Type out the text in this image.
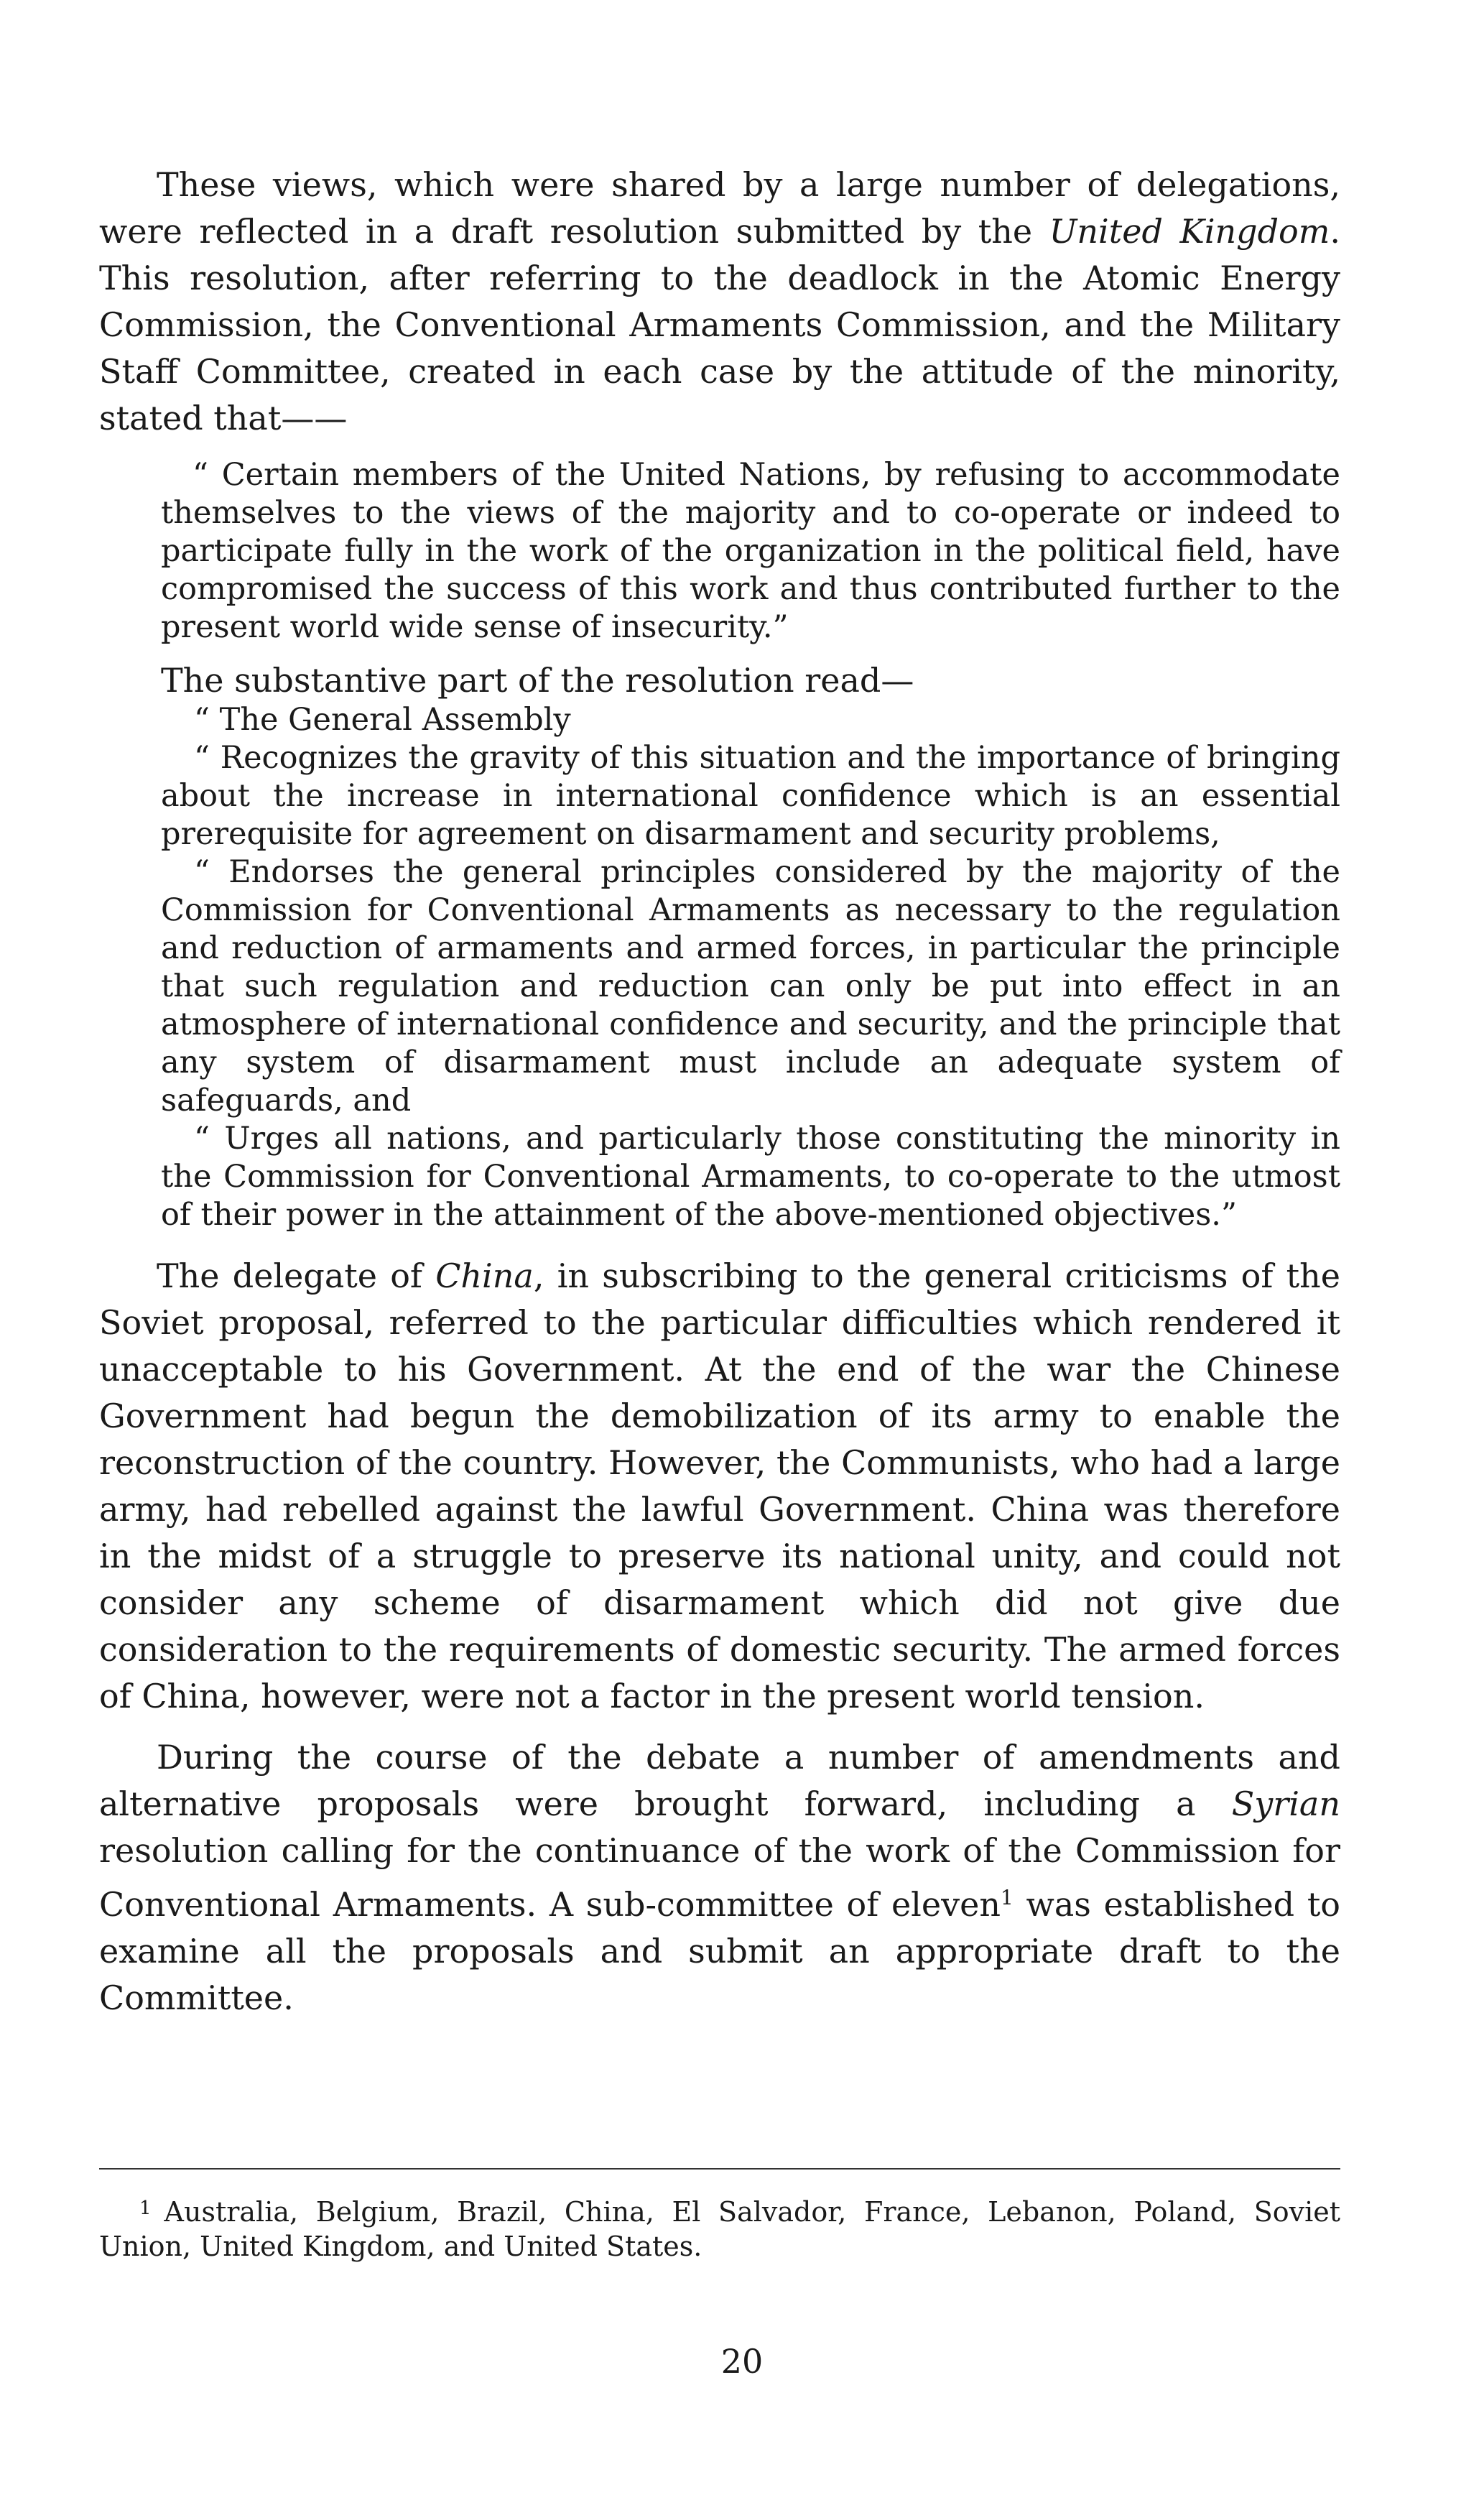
These views, which were shared by a large number of delegations, were reflected in a draft resolution submitted by the United Kingdom. This resolution, after referring to the deadlock in the Atomic Energy Commission, the Conventional Armaments Commission, and the Military Staff Committee, created in each case by the attitude of the minority, stated that——

“ Certain members of the United Nations, by refusing to accommodate themselves to the views of the majority and to co-operate or indeed to participate fully in the work of the organization in the political field, have compromised the success of this work and thus contributed further to the present world wide sense of insecurity.”

The substantive part of the resolution read—

“ The General Assembly

“ Recognizes the gravity of this situation and the importance of bringing about the increase in international confidence which is an essential prerequisite for agreement on disarmament and security problems,

“ Endorses the general principles considered by the majority of the Commission for Conventional Armaments as necessary to the regulation and reduction of armaments and armed forces, in particular the principle that such regulation and reduction can only be put into effect in an atmosphere of international confidence and security, and the principle that any system of disarmament must include an adequate system of safeguards, and

“ Urges all nations, and particularly those constituting the minority in the Commission for Conventional Armaments, to co-operate to the utmost of their power in the attainment of the above-mentioned objectives.”

The delegate of China, in subscribing to the general criticisms of the Soviet proposal, referred to the particular difficulties which rendered it unacceptable to his Government. At the end of the war the Chinese Government had begun the demobilization of its army to enable the reconstruction of the country. However, the Communists, who had a large army, had rebelled against the lawful Government. China was therefore in the midst of a struggle to preserve its national unity, and could not consider any scheme of disarmament which did not give due consideration to the requirements of domestic security. The armed forces of China, however, were not a factor in the present world tension.

During the course of the debate a number of amendments and alternative proposals were brought forward, including a Syrian resolution calling for the continuance of the work of the Commission for Conventional Armaments. A sub-committee of eleven$^1$ was established to examine all the proposals and submit an appropriate draft to the Committee.

$^1$ Australia, Belgium, Brazil, China, El Salvador, France, Lebanon, Poland, Soviet Union, United Kingdom, and United States.
20
